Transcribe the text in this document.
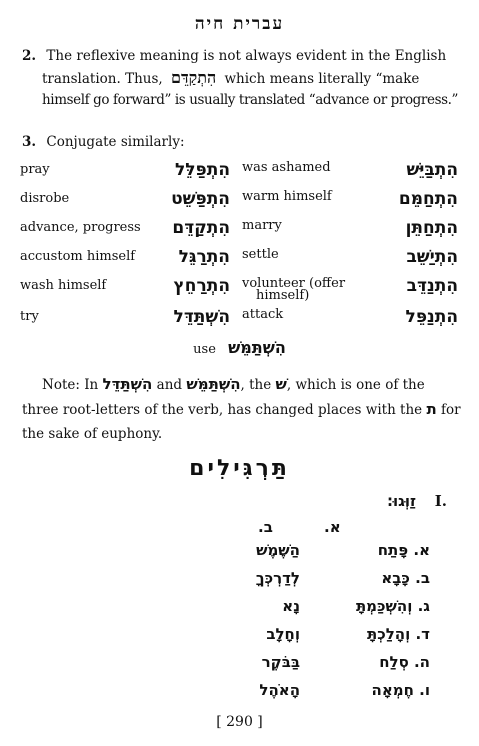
עברית חיה
2. The reflexive meaning is not always evident in the English
translation. Thus, הִתְקַדֵּם which means literally “make
himself go forward” is usually translated “advance or progress.”
3. Conjugate similarly:
pray	הִתְפַּלֵּל was ashamed	הִתְבַּיֵּשׁ
disrobe	הִתְפַּשֵּׁט warm himself	הִתְחַמֵּם
advance, progress	הִתְקַדֵּם marry	הִתְחַתֵּן
accustom himself	הִתְרַגֵּל settle	הִתְיַשֵּׁב
wash himself	הִתְרַחֵץ volunteer (offer
himself)	הִתְנַדֵּב
try	הִשְׁתַּדֵּל attack	הִתְנַפֵּל
use הִשְׁתַּמֵּשׁ
Note: In הִשְׁתַּדֵּל and הִשְׁתַּמֵּשׁ, the שׁ, which is one of the
three root-letters of the verb, has changed places with the ת for
the sake of euphony.
תַּרְגִּילִים
זַוְּגוּ: I.
א.
ב.
א. פָּתַח
הַשֶּׁמֶשׁ
ב. כָּבָא
לְדַרְכְּךָ
ג. וְהִשְׁכַּמְתָּ
נָא
ד. וְהָלַכְתָּ
וְחָלָב
ה. סְלַח
בַּבֹּקֶר
ו. חֶמְאָה
הָאֹהֶל
[ 290 ]
